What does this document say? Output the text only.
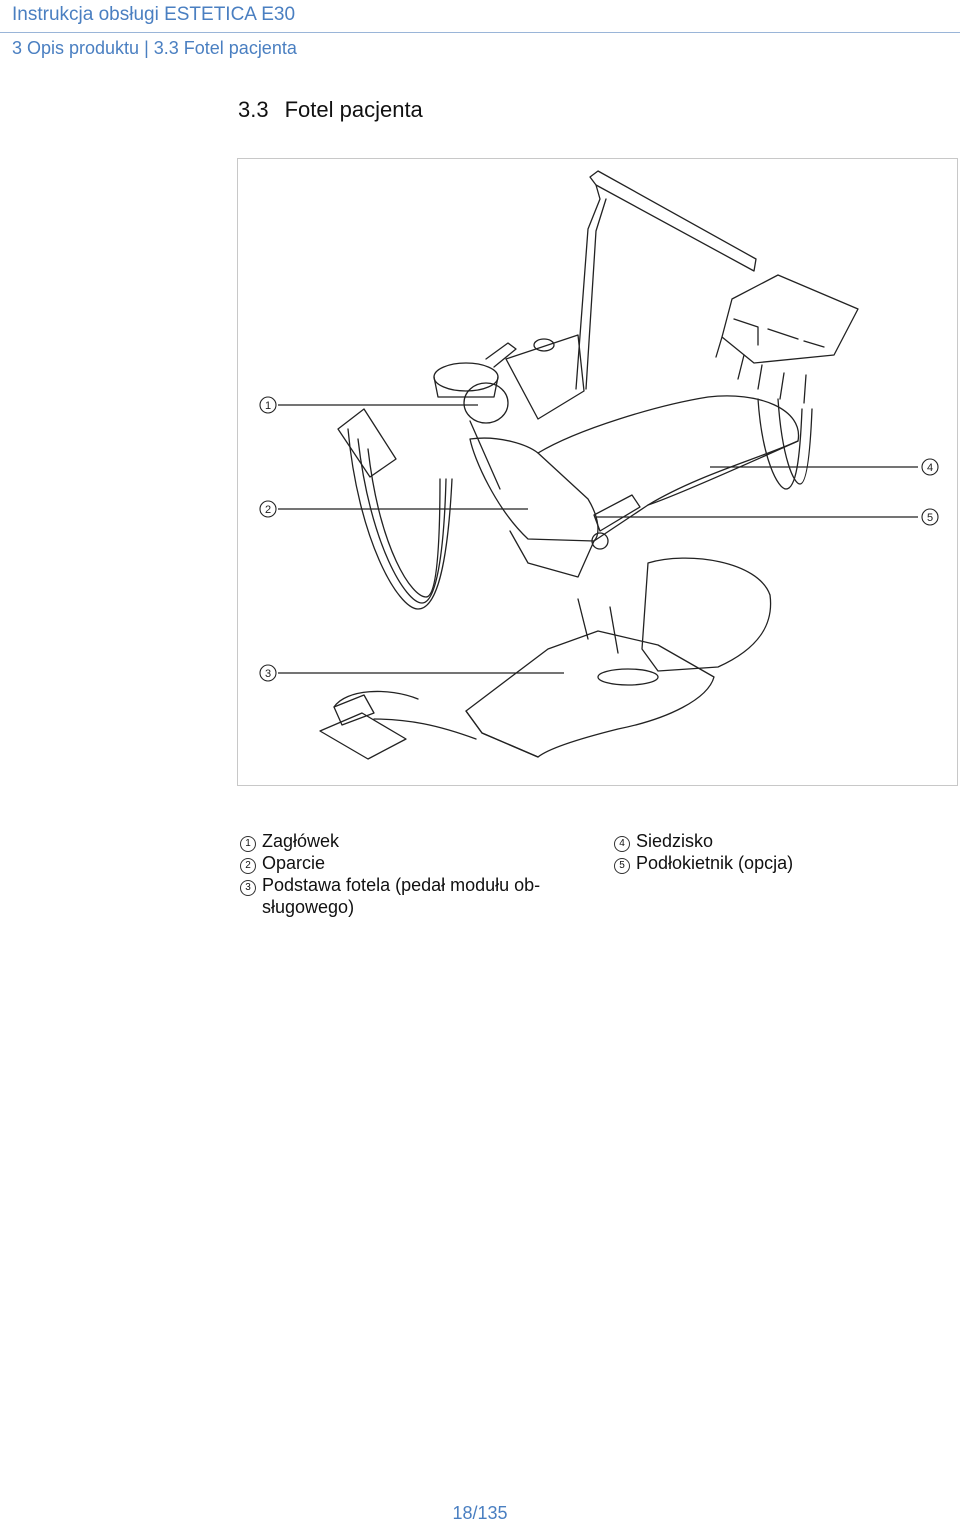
Instrukcja obsługi ESTETICA E30
3 Opis produktu | 3.3 Fotel pacjenta
3.3 Fotel pacjenta
1
2
3
4
5
1 Zagłówek
2 Oparcie
3 Podstawa fotela (pedał modułu ob-sługowego)
4 Siedzisko
5 Podłokietnik (opcja)
18/135
